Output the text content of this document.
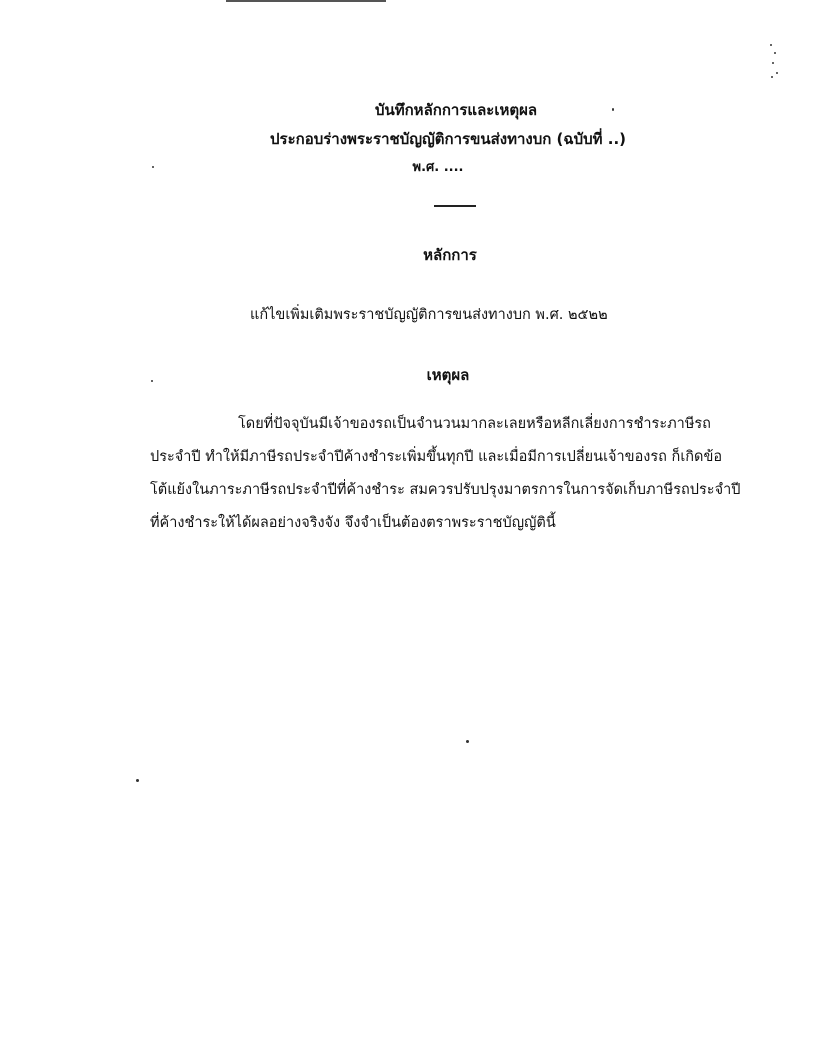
บันทึกหลักการและเหตุผล
ประกอบร่างพระราชบัญญัติการขนส่งทางบก (ฉบับที่ ..)
พ.ศ. ....
หลักการ
แก้ไขเพิ่มเติมพระราชบัญญัติการขนส่งทางบก พ.ศ. ๒๕๒๒
เหตุผล
โดยที่ปัจจุบันมีเจ้าของรถเป็นจำนวนมากละเลยหรือหลีกเลี่ยงการชำระภาษีรถ
ประจำปี ทำให้มีภาษีรถประจำปีค้างชำระเพิ่มขึ้นทุกปี และเมื่อมีการเปลี่ยนเจ้าของรถ ก็เกิดข้อ
โต้แย้งในภาระภาษีรถประจำปีที่ค้างชำระ สมควรปรับปรุงมาตรการในการจัดเก็บภาษีรถประจำปี
ที่ค้างชำระให้ได้ผลอย่างจริงจัง จึงจำเป็นต้องตราพระราชบัญญัตินี้
